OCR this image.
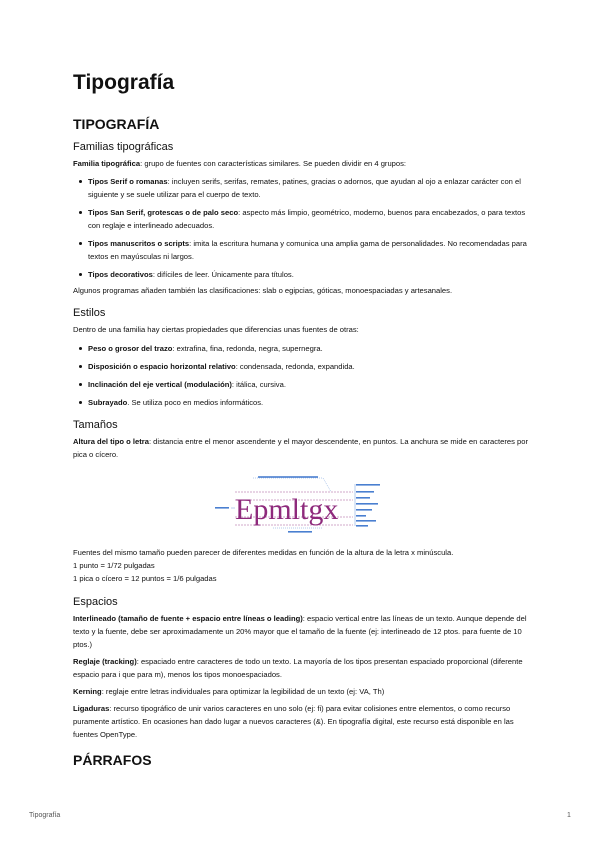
Tipografía
TIPOGRAFÍA
Familias tipográficas

Familia tipográfica: grupo de fuentes con características similares. Se pueden dividir en 4 grupos:

Tipos Serif o romanas: incluyen serifs, serifas, remates, patines, gracias o adornos, que ayudan al ojo a enlazar carácter con el siguiente y se suele utilizar para el cuerpo de texto.
Tipos San Serif, grotescas o de palo seco: aspecto más limpio, geométrico, moderno, buenos para encabezados, o para textos con reglaje e interlineado adecuados.
Tipos manuscritos o scripts: imita la escritura humana y comunica una amplia gama de personalidades. No recomendadas para textos en mayúsculas ni largos.
Tipos decorativos: difíciles de leer. Únicamente para títulos.

Algunos programas añaden también las clasificaciones: slab o egipcias, góticas, monoespaciadas y artesanales.

Estilos

Dentro de una familia hay ciertas propiedades que diferencias unas fuentes de otras:

Peso o grosor del trazo: extrafina, fina, redonda, negra, supernegra.
Disposición o espacio horizontal relativo: condensada, redonda, expandida.
Inclinación del eje vertical (modulación): itálica, cursiva.
Subrayado. Se utiliza poco en medios informáticos.
Tamaños

Altura del tipo o letra: distancia entre el menor ascendente y el mayor descendente, en puntos. La anchura se mide en caracteres por pica o cícero.

Epmltgx

Fuentes del mismo tamaño pueden parecer de diferentes medidas en función de la altura de la letra x minúscula.

1 punto = 1/72 pulgadas

1 pica o cícero = 12 puntos = 1/6 pulgadas

Espacios

Interlineado (tamaño de fuente + espacio entre líneas o leading): espacio vertical entre las líneas de un texto. Aunque depende del texto y la fuente, debe ser aproximadamente un 20% mayor que el tamaño de la fuente (ej: interlineado de 12 ptos. para fuente de 10 ptos.)

Reglaje (tracking): espaciado entre caracteres de todo un texto. La mayoría de los tipos presentan espaciado proporcional (diferente espacio para i que para m), menos los tipos monoespaciados.

Kerning: reglaje entre letras individuales para optimizar la legibilidad de un texto (ej: VA, Th)

Ligaduras: recurso tipográfico de unir varios caracteres en uno solo (ej: fi) para evitar colisiones entre elementos, o como recurso puramente artístico. En ocasiones han dado lugar a nuevos caracteres (&). En tipografía digital, este recurso está disponible en las fuentes OpenType.

PÁRRAFOS
Tipografía	1
